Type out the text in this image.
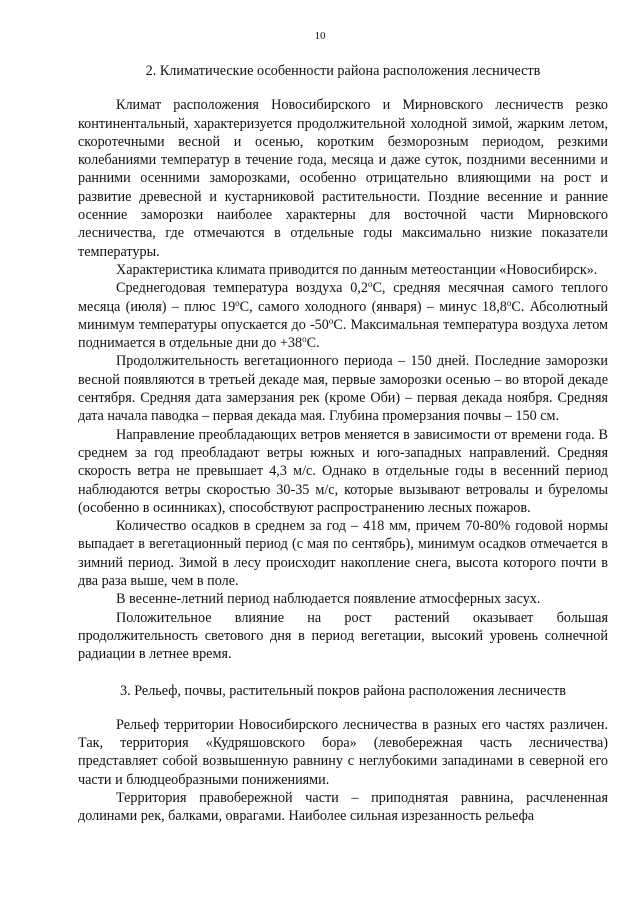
10
2. Климатические особенности района расположения лесничеств

Климат расположения Новосибирского и Мирновского лесничеств резко континентальный, характеризуется продолжительной холодной зимой, жарким летом, скоротечными весной и осенью, коротким безморозным периодом, резкими колебаниями температур в течение года, месяца и даже суток, поздними весенними и ранними осенними заморозками, особенно отрицательно влияющими на рост и развитие древесной и кустарниковой растительности. Поздние весенние и ранние осенние заморозки наиболее характерны для восточной части Мирновского лесничества, где отмечаются в отдельные годы максимально низкие показатели температуры.

Характеристика климата приводится по данным метеостанции «Новосибирск».

Среднегодовая температура воздуха 0,2$^o$С, средняя месячная самого теплого месяца (июля) – плюс 19$^o$С, самого холодного (января) – минус 18,8$^o$С. Абсолютный минимум температуры опускается до -50$^o$С. Максимальная температура воздуха летом поднимается в отдельные дни до $+38^oС$.

Продолжительность вегетационного периода – 150 дней. Последние заморозки весной появляются в третьей декаде мая, первые заморозки осенью – во второй декаде сентября. Средняя дата замерзания рек (кроме Оби) – первая декада ноября. Средняя дата начала паводка – первая декада мая. Глубина промерзания почвы – 150 см.

Направление преобладающих ветров меняется в зависимости от времени года. В среднем за год преобладают ветры южных и юго-западных направлений. Средняя скорость ветра не превышает 4,3 м/с. Однако в отдельные годы в весенний период наблюдаются ветры скоростью 30-35 м/с, которые вызывают ветровалы и буреломы (особенно в осинниках), способствуют распространению лесных пожаров.

Количество осадков в среднем за год – 418 мм, причем 70-80% годовой нормы выпадает в вегетационный период (с мая по сентябрь), минимум осадков отмечается в зимний период. Зимой в лесу происходит накопление снега, высота которого почти в два раза выше, чем в поле.

В весенне-летний период наблюдается появление атмосферных засух.

Положительное влияние на рост растений оказывает большая продолжительность светового дня в период вегетации, высокий уровень солнечной радиации в летнее время.

3. Рельеф, почвы, растительный покров района расположения лесничеств

Рельеф территории Новосибирского лесничества в разных его частях различен. Так, территория «Кудряшовского бора» (левобережная часть лесничества) представляет собой возвышенную равнину с неглубокими западинами в северной его части и блюдцеобразными понижениями.

Территория правобережной части – приподнятая равнина, расчлененная долинами рек, балками, оврагами. Наиболее сильная изрезанность рельефа
